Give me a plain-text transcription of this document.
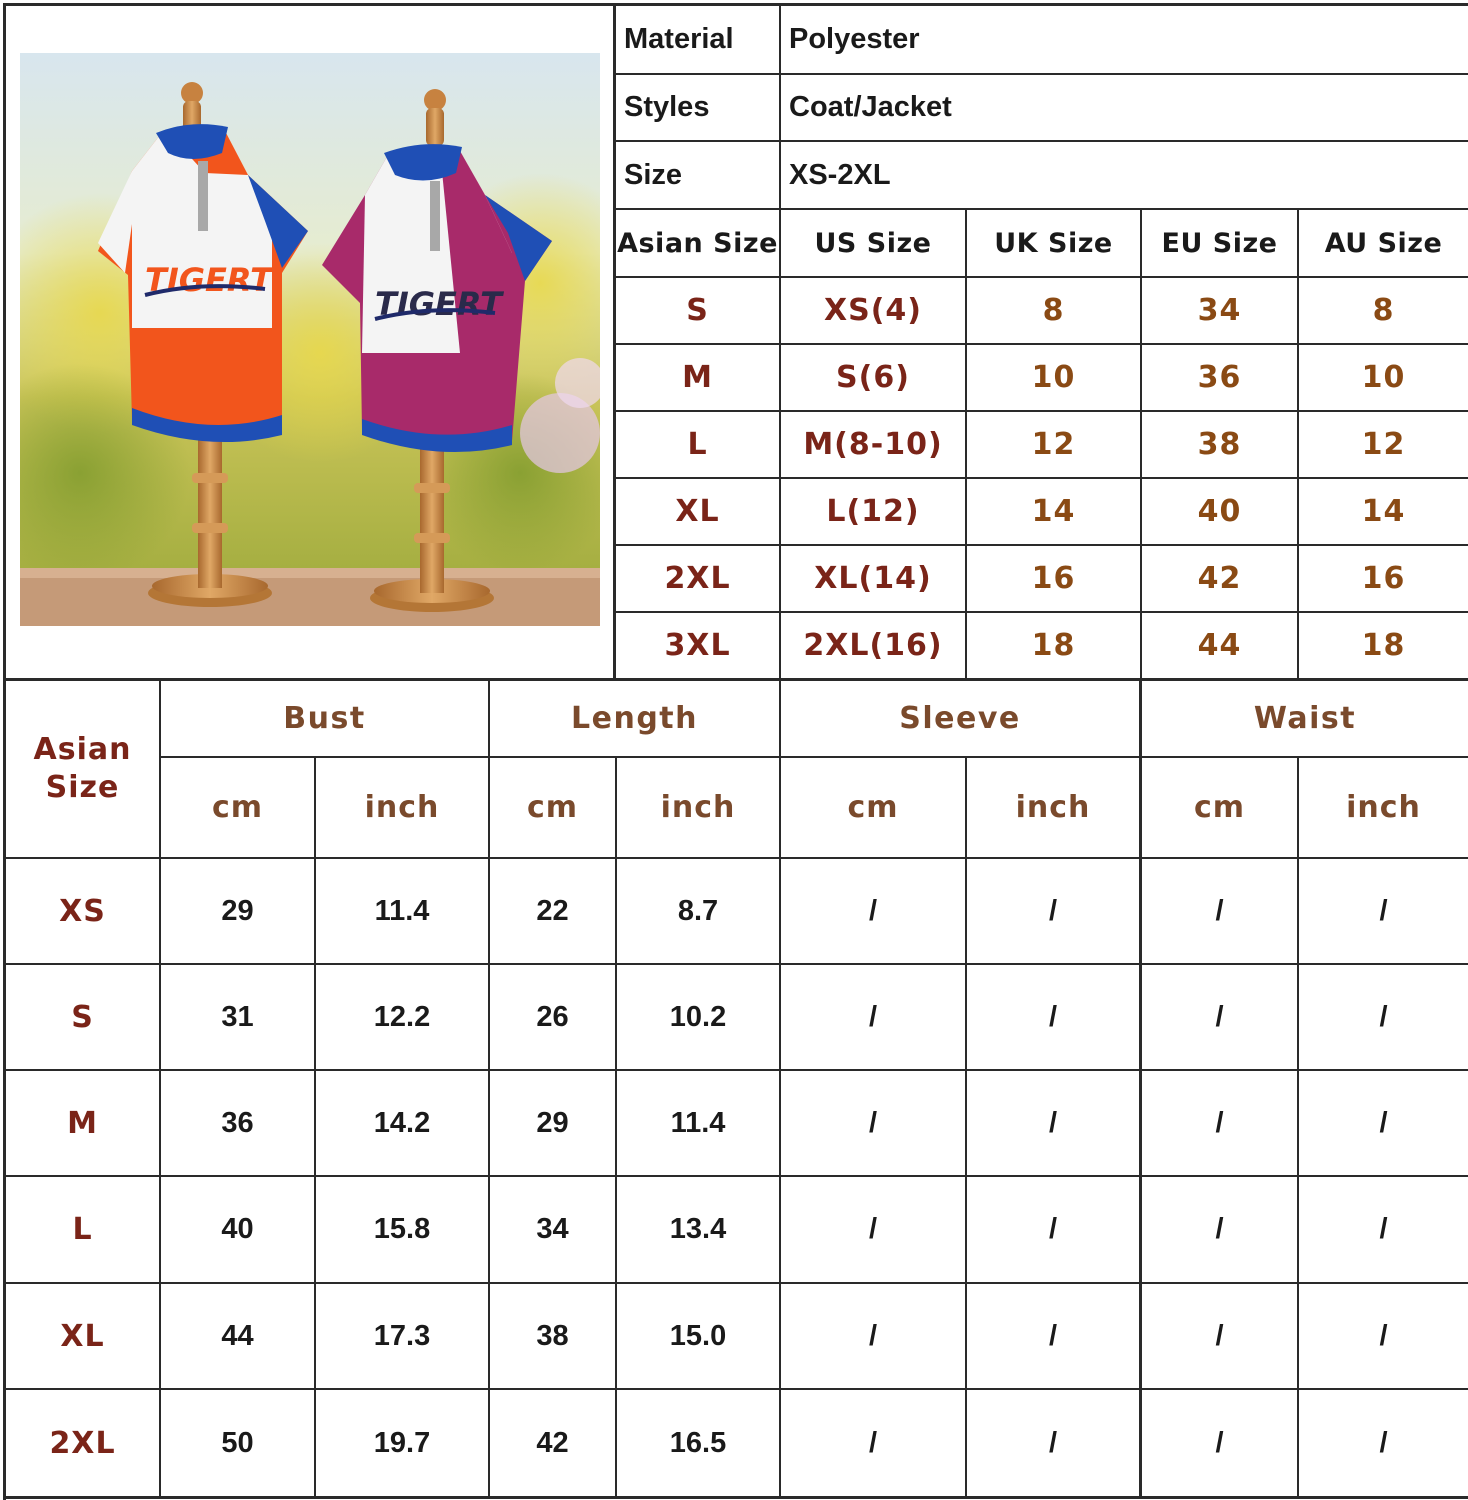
TIGERT
TIGERT
Material	Polyester
Styles	Coat/Jacket
Size	XS-2XL
Asian Size	US Size	UK Size	EU Size	AU Size
S	XS(4)	8	34	8
M	S(6)	10	36	10
L	M(8-10)	12	38	12
XL	L(12)	14	40	14
2XL	XL(14)	16	42	16
3XL	2XL(16)	18	44	18
Asian
Size
Bust	Length	Sleeve	Waist
cm	inch	cm	inch	cm	inch	cm	inch
XS	29	11.4	22	8.7	/	/	/	/
S	31	12.2	26	10.2	/	/	/	/
M	36	14.2	29	11.4	/	/	/	/
L	40	15.8	34	13.4	/	/	/	/
XL	44	17.3	38	15.0	/	/	/	/
2XL	50	19.7	42	16.5	/	/	/	/
